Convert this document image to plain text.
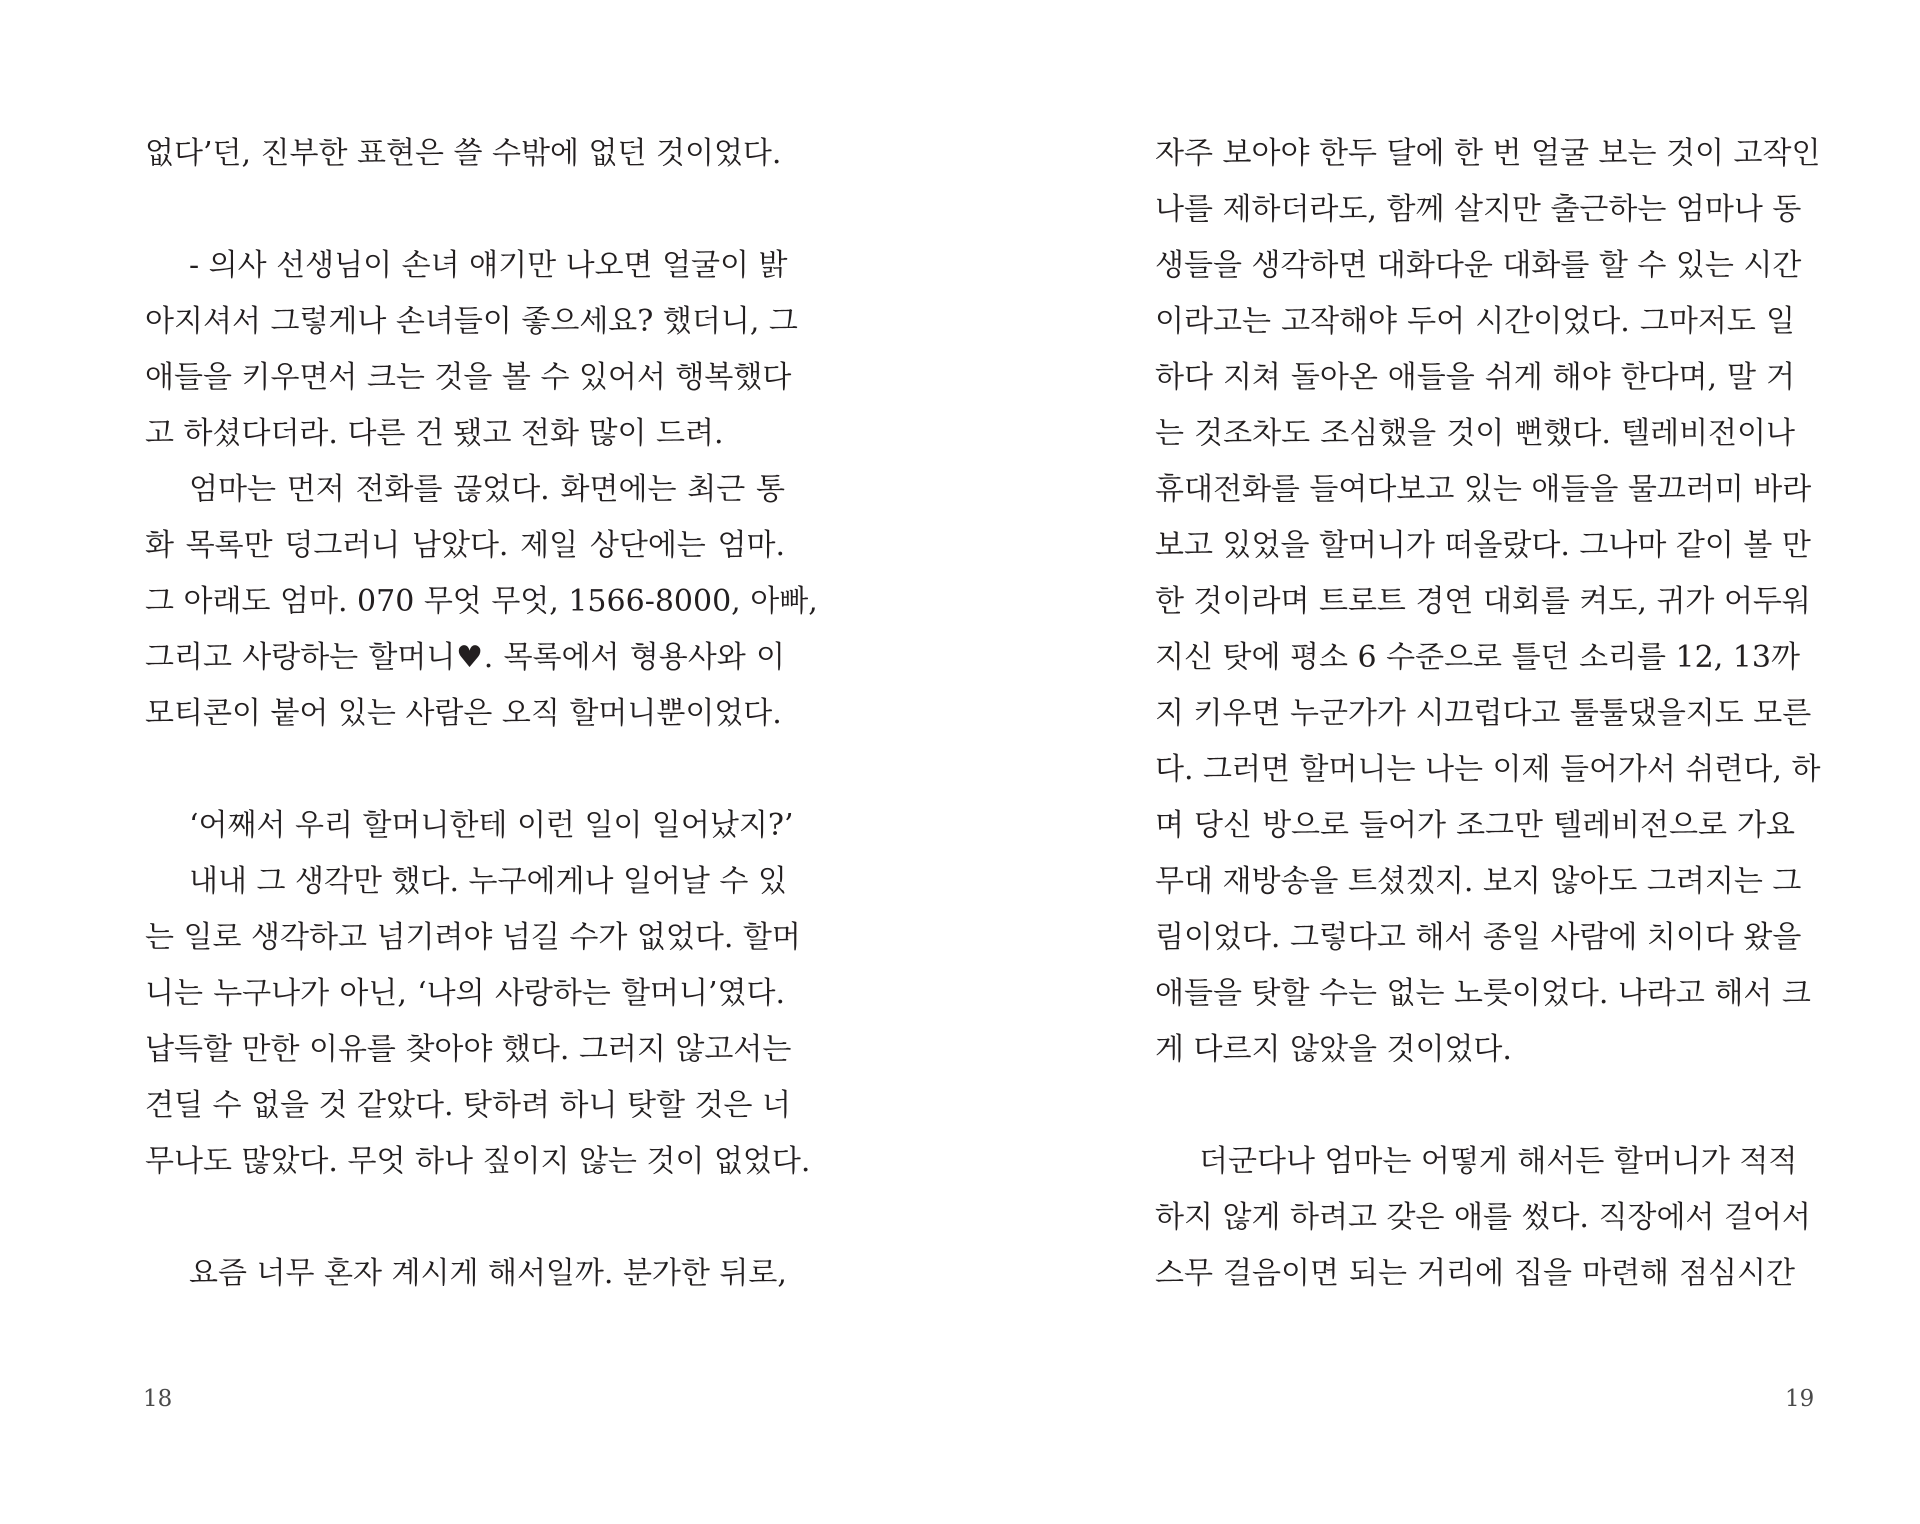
없다’던, 진부한 표현은 쓸 수밖에 없던 것이었다.
- 의사 선생님이 손녀 얘기만 나오면 얼굴이 밝
아지셔서 그렇게나 손녀들이 좋으세요? 했더니, 그
애들을 키우면서 크는 것을 볼 수 있어서 행복했다
고 하셨다더라. 다른 건 됐고 전화 많이 드려.
엄마는 먼저 전화를 끊었다. 화면에는 최근 통
화 목록만 덩그러니 남았다. 제일 상단에는 엄마.
그 아래도 엄마. 070 무엇 무엇, 1566-8000, 아빠,
그리고 사랑하는 할머니♥. 목록에서 형용사와 이
모티콘이 붙어 있는 사람은 오직 할머니뿐이었다.
‘어째서 우리 할머니한테 이런 일이 일어났지?’
내내 그 생각만 했다. 누구에게나 일어날 수 있
는 일로 생각하고 넘기려야 넘길 수가 없었다. 할머
니는 누구나가 아닌, ‘나의 사랑하는 할머니’였다.
납득할 만한 이유를 찾아야 했다. 그러지 않고서는
견딜 수 없을 것 같았다. 탓하려 하니 탓할 것은 너
무나도 많았다. 무엇 하나 짚이지 않는 것이 없었다.
요즘 너무 혼자 계시게 해서일까. 분가한 뒤로,
18
자주 보아야 한두 달에 한 번 얼굴 보는 것이 고작인
나를 제하더라도, 함께 살지만 출근하는 엄마나 동
생들을 생각하면 대화다운 대화를 할 수 있는 시간
이라고는 고작해야 두어 시간이었다. 그마저도 일
하다 지쳐 돌아온 애들을 쉬게 해야 한다며, 말 거
는 것조차도 조심했을 것이 뻔했다. 텔레비전이나
휴대전화를 들여다보고 있는 애들을 물끄러미 바라
보고 있었을 할머니가 떠올랐다. 그나마 같이 볼 만
한 것이라며 트로트 경연 대회를 켜도, 귀가 어두워
지신 탓에 평소 6 수준으로 틀던 소리를 12, 13까
지 키우면 누군가가 시끄럽다고 툴툴댔을지도 모른
다. 그러면 할머니는 나는 이제 들어가서 쉬련다, 하
며 당신 방으로 들어가 조그만 텔레비전으로 가요
무대 재방송을 트셨겠지. 보지 않아도 그려지는 그
림이었다. 그렇다고 해서 종일 사람에 치이다 왔을
애들을 탓할 수는 없는 노릇이었다. 나라고 해서 크
게 다르지 않았을 것이었다.
더군다나 엄마는 어떻게 해서든 할머니가 적적
하지 않게 하려고 갖은 애를 썼다. 직장에서 걸어서
스무 걸음이면 되는 거리에 집을 마련해 점심시간
19
